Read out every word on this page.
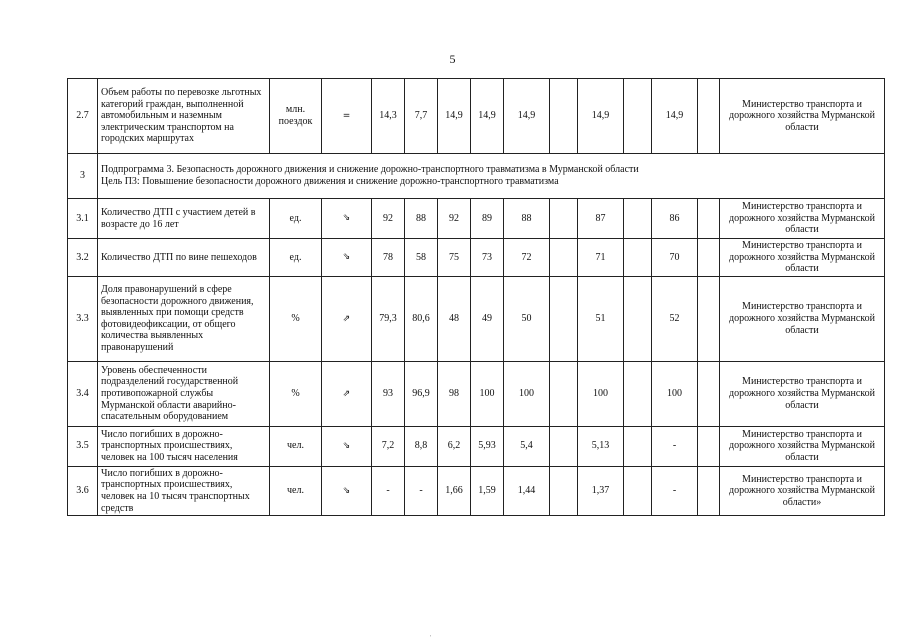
5
2.7	Объем работы по перевозке льготных категорий граждан, выполненной автомобильным и наземным электрическим транспортом на городских маршрутах	млн. поездок	=	14,3	7,7	14,9	14,9	14,9		14,9		14,9		Министерство транспорта и дорожного хозяйства Мурманской области
3	Подпрограмма 3. Безопасность дорожного движения и снижение дорожно-транспортного травматизма в Мурманской области
Цель П3: Повышение безопасности дорожного движения и снижение дорожно-транспортного травматизма													

3.1	Количество ДТП с участием детей в возрасте до 16 лет	ед.	⇘	92	88	92	89	88		87		86		Министерство транспорта и дорожного хозяйства Мурманской области
3.2	Количество ДТП по вине пешеходов	ед.	⇘	78	58	75	73	72		71		70		Министерство транспорта и дорожного хозяйства Мурманской области
3.3	Доля правонарушений в сфере безопасности дорожного движения, выявленных при помощи средств фотовидеофиксации, от общего количества выявленных правонарушений	%	⇗	79,3	80,6	48	49	50		51		52		Министерство транспорта и дорожного хозяйства Мурманской области
3.4	Уровень обеспеченности подразделений государственной противопожарной службы Мурманской области аварийно-спасательным оборудованием	%	⇗	93	96,9	98	100	100		100		100		Министерство транспорта и дорожного хозяйства Мурманской области
3.5	Число погибших в дорожно-транспортных происшествиях, человек на 100 тысяч населения	чел.	⇘	7,2	8,8	6,2	5,93	5,4		5,13		-		Министерство транспорта и дорожного хозяйства Мурманской области
3.6	Число погибших в дорожно-транспортных происшествиях, человек на 10 тысяч транспортных средств	чел.	⇘	-	-	1,66	1,59	1,44		1,37		-		Министерство транспорта и дорожного хозяйства Мурманской области»
'
